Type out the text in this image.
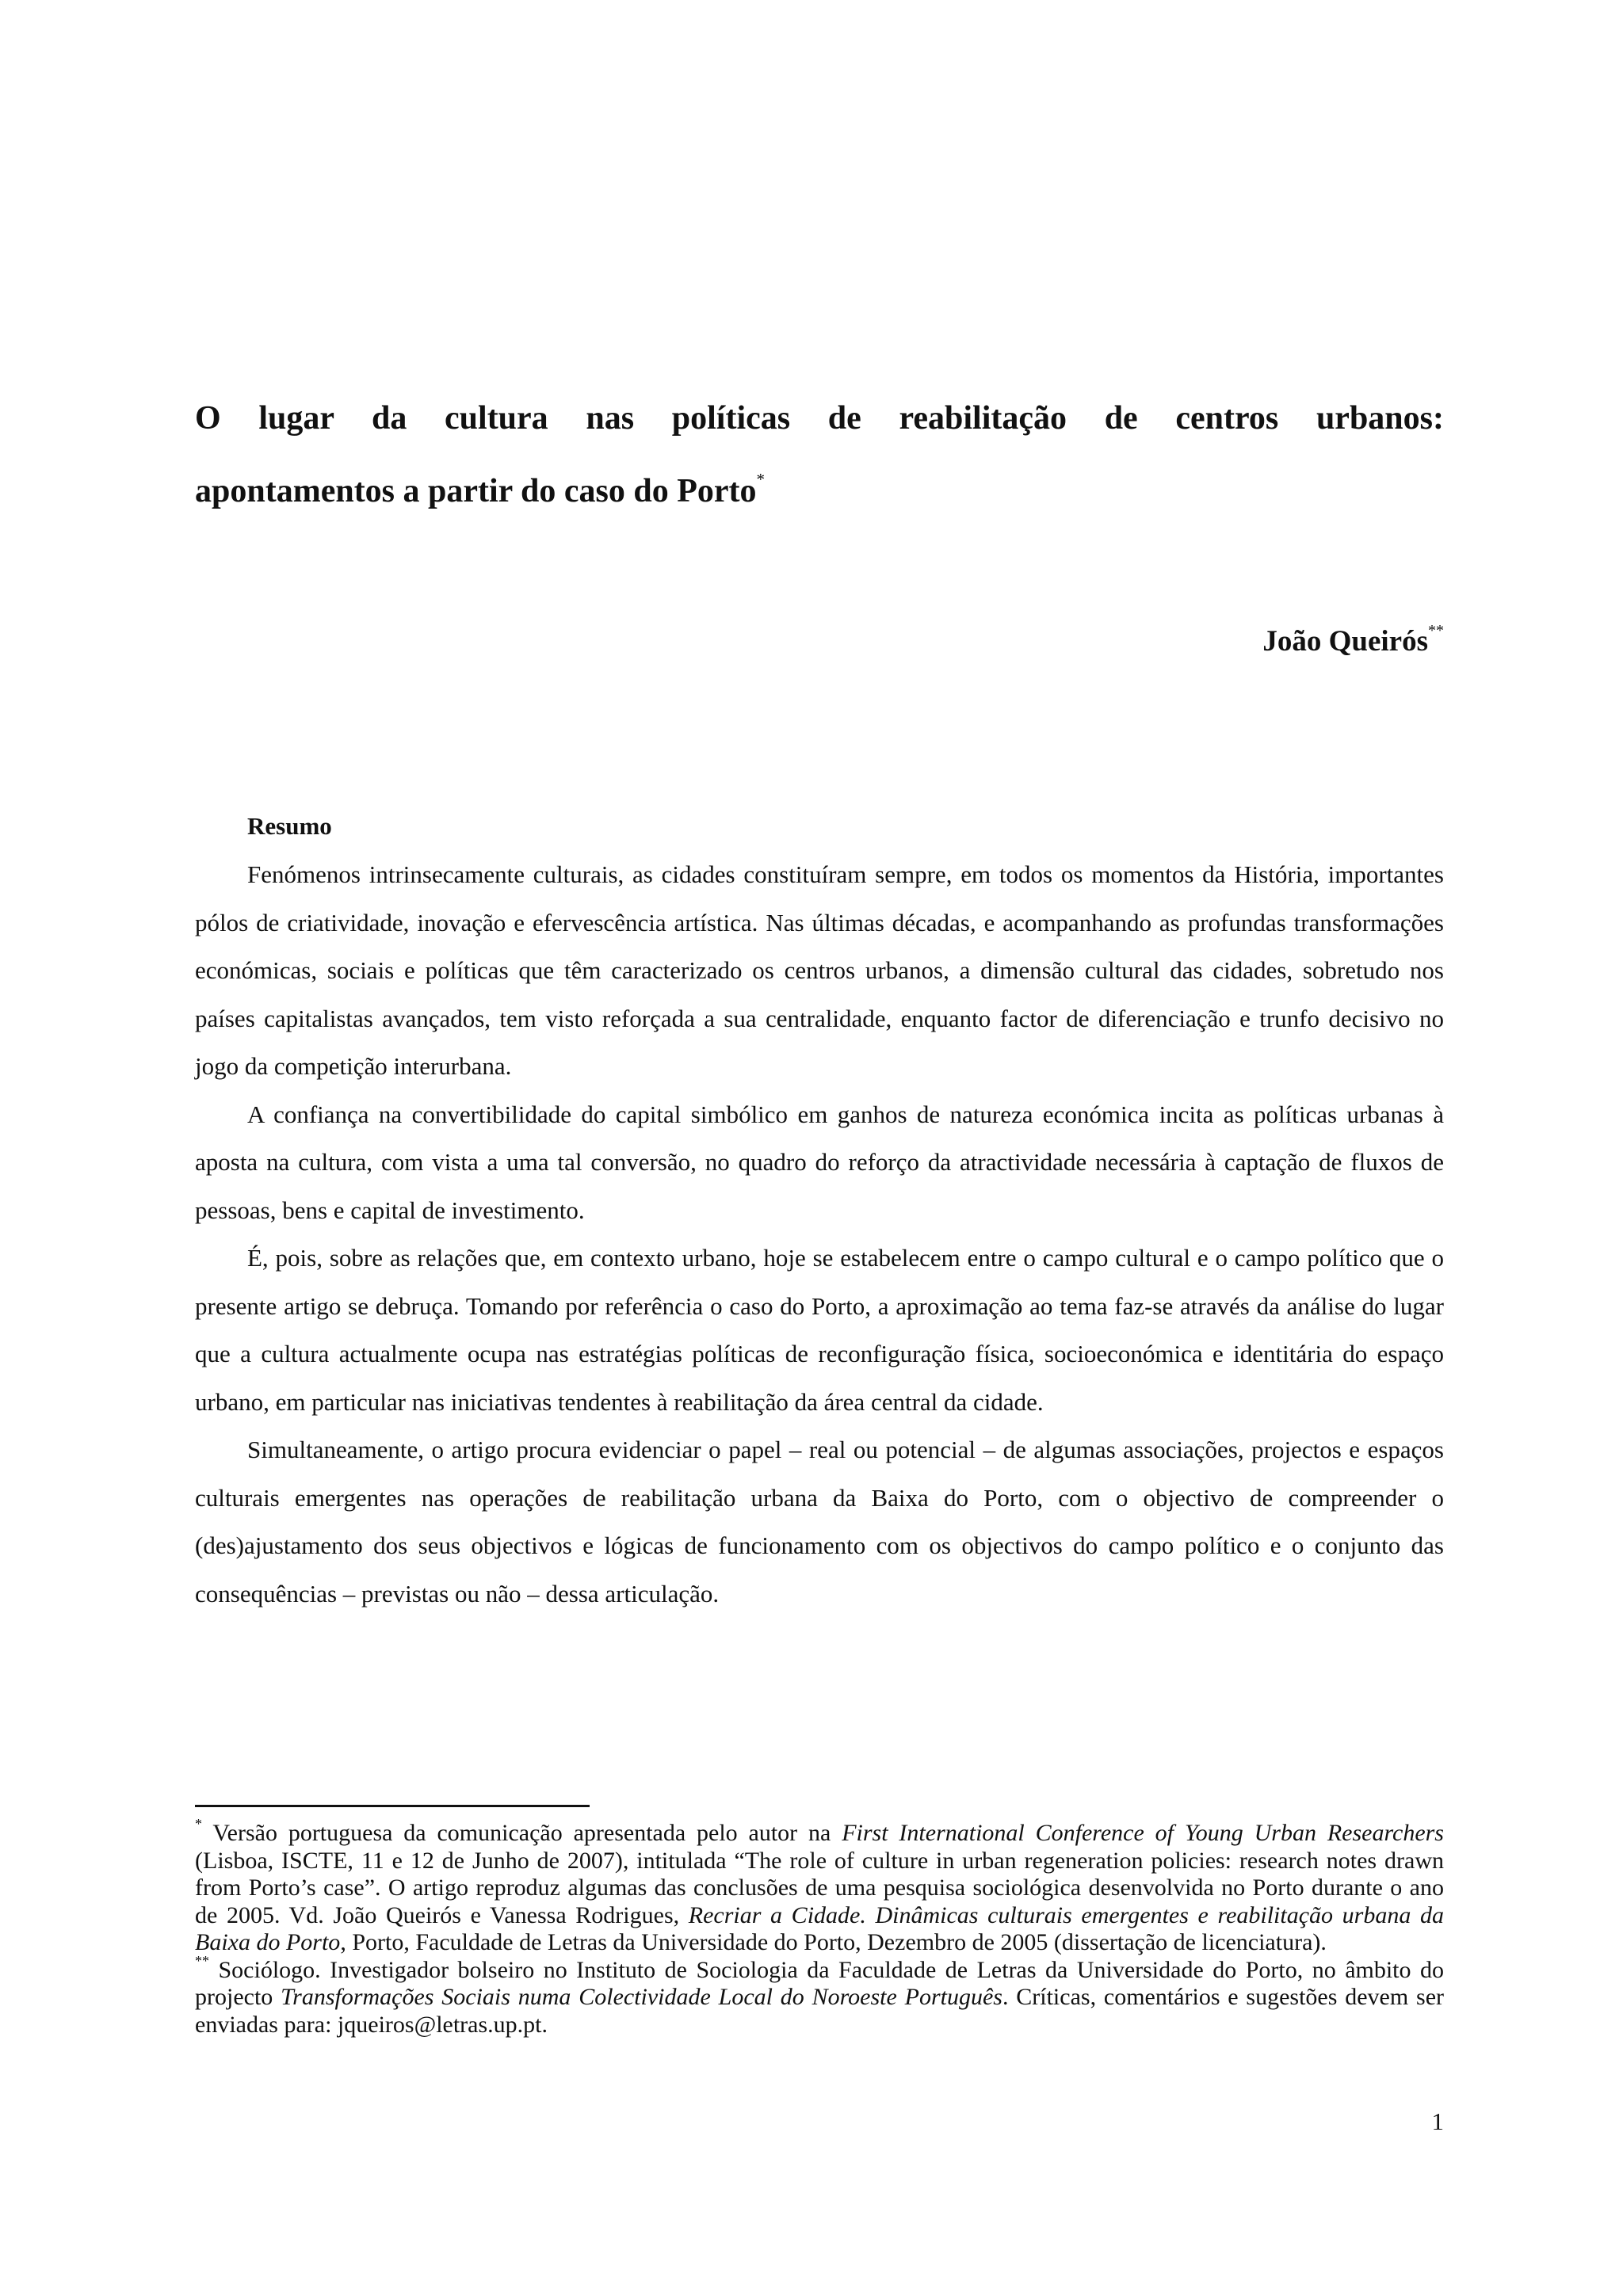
O lugar da cultura nas políticas de reabilitação de centros urbanos:
apontamentos a partir do caso do Porto*

João Queirós**

Resumo

Fenómenos intrinsecamente culturais, as cidades constituíram sempre, em todos os momentos da História, importantes pólos de criatividade, inovação e efervescência artística. Nas últimas décadas, e acompanhando as profundas transformações económicas, sociais e políticas que têm caracterizado os centros urbanos, a dimensão cultural das cidades, sobretudo nos países capitalistas avançados, tem visto reforçada a sua centralidade, enquanto factor de diferenciação e trunfo decisivo no jogo da competição interurbana.

A confiança na convertibilidade do capital simbólico em ganhos de natureza económica incita as políticas urbanas à aposta na cultura, com vista a uma tal conversão, no quadro do reforço da atractividade necessária à captação de fluxos de pessoas, bens e capital de investimento.

É, pois, sobre as relações que, em contexto urbano, hoje se estabelecem entre o campo cultural e o campo político que o presente artigo se debruça. Tomando por referência o caso do Porto, a aproximação ao tema faz-se através da análise do lugar que a cultura actualmente ocupa nas estratégias políticas de reconfiguração física, socioeconómica e identitária do espaço urbano, em particular nas iniciativas tendentes à reabilitação da área central da cidade.

Simultaneamente, o artigo procura evidenciar o papel – real ou potencial – de algumas associações, projectos e espaços culturais emergentes nas operações de reabilitação urbana da Baixa do Porto, com o objectivo de compreender o (des)ajustamento dos seus objectivos e lógicas de funcionamento com os objectivos do campo político e o conjunto das consequências – previstas ou não – dessa articulação.

* Versão portuguesa da comunicação apresentada pelo autor na First International Conference of Young Urban Researchers (Lisboa, ISCTE, 11 e 12 de Junho de 2007), intitulada “The role of culture in urban regeneration policies: research notes drawn from Porto’s case”. O artigo reproduz algumas das conclusões de uma pesquisa sociológica desenvolvida no Porto durante o ano de 2005. Vd. João Queirós e Vanessa Rodrigues, Recriar a Cidade. Dinâmicas culturais emergentes e reabilitação urbana da Baixa do Porto, Porto, Faculdade de Letras da Universidade do Porto, Dezembro de 2005 (dissertação de licenciatura).

** Sociólogo. Investigador bolseiro no Instituto de Sociologia da Faculdade de Letras da Universidade do Porto, no âmbito do projecto Transformações Sociais numa Colectividade Local do Noroeste Português. Críticas, comentários e sugestões devem ser enviadas para: jqueiros@letras.up.pt.

1
